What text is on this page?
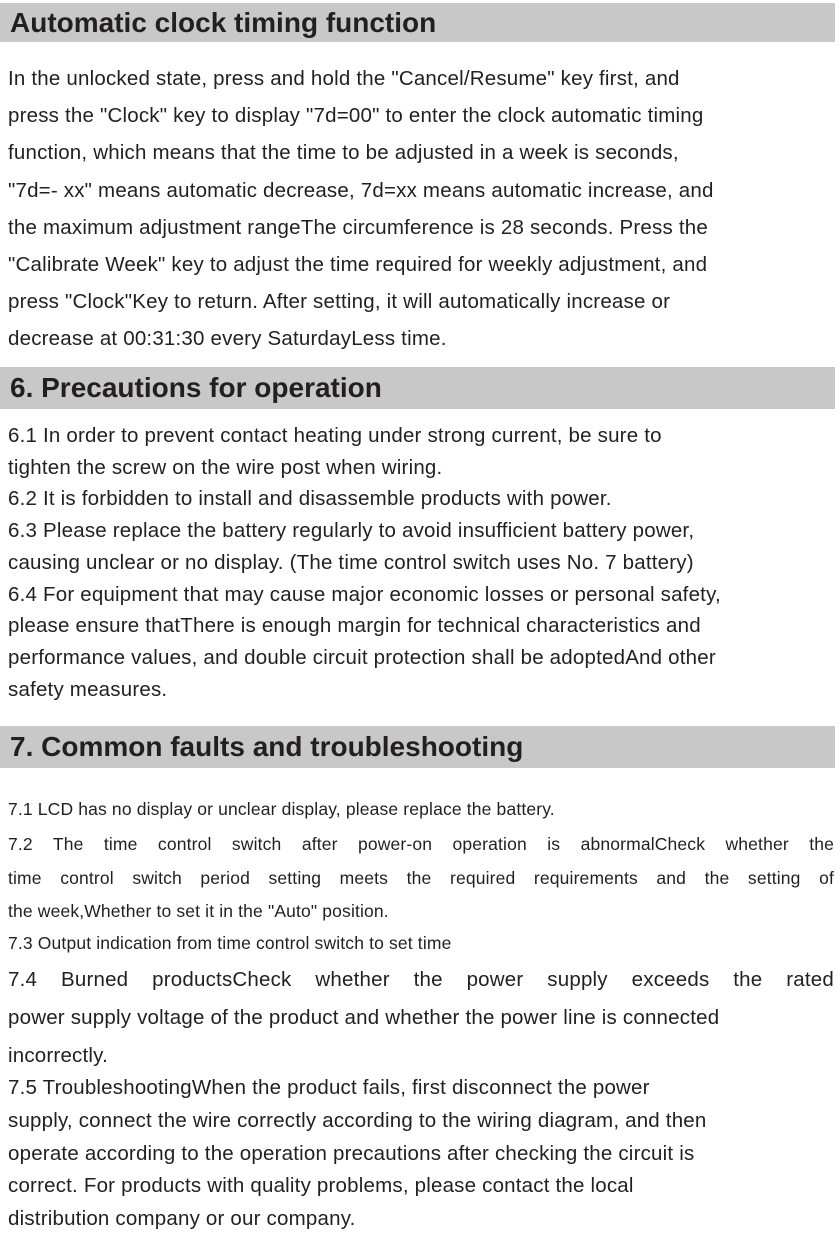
Automatic clock timing function
In the unlocked state, press and hold the "Cancel/Resume" key first, and
press the "Clock" key to display "7d=00" to enter the clock automatic timing
function, which means that the time to be adjusted in a week is seconds,
"7d=- xx" means automatic decrease, 7d=xx means automatic increase, and
the maximum adjustment rangeThe circumference is 28 seconds. Press the
"Calibrate Week" key to adjust the time required for weekly adjustment, and
press "Clock"Key to return. After setting, it will automatically increase or
decrease at 00:31:30 every SaturdayLess time.
6. Precautions for operation
6.1 In order to prevent contact heating under strong current, be sure to
tighten the screw on the wire post when wiring.
6.2 It is forbidden to install and disassemble products with power.
6.3 Please replace the battery regularly to avoid insufficient battery power,
causing unclear or no display. (The time control switch uses No. 7 battery)
6.4 For equipment that may cause major economic losses or personal safety,
please ensure thatThere is enough margin for technical characteristics and
performance values, and double circuit protection shall be adoptedAnd other
safety measures.
7. Common faults and troubleshooting
7.1 LCD has no display or unclear display, please replace the battery.
7.2 The time control switch after power-on operation is abnormalCheck whether the
time control switch period setting meets the required requirements and the setting of
the week,Whether to set it in the "Auto" position.
7.3 Output indication from time control switch to set time
7.4 Burned productsCheck whether the power supply exceeds the rated
power supply voltage of the product and whether the power line is connected
incorrectly.
7.5 TroubleshootingWhen the product fails, first disconnect the power
supply, connect the wire correctly according to the wiring diagram, and then
operate according to the operation precautions after checking the circuit is
correct. For products with quality problems, please contact the local
distribution company or our company.
